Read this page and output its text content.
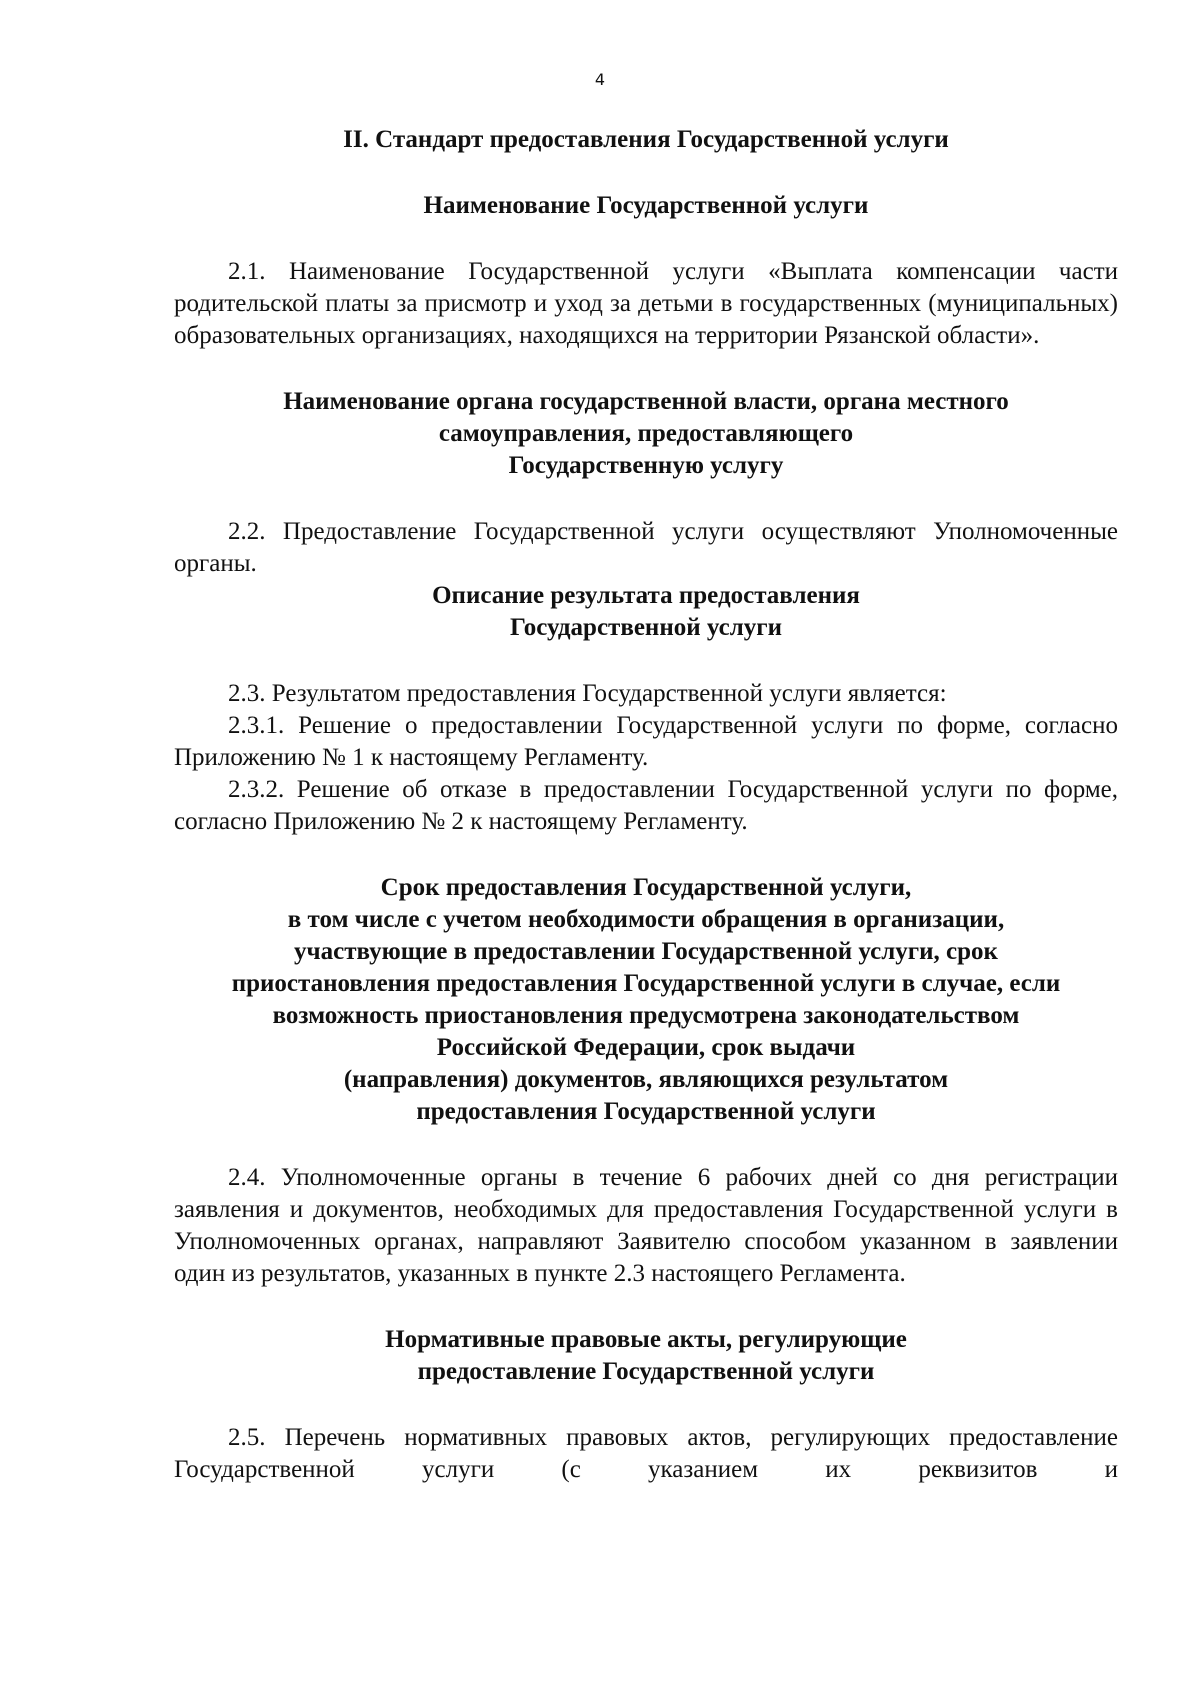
4
II. Стандарт предоставления Государственной услуги
Наименование Государственной услуги

2.1. Наименование Государственной услуги «Выплата компенсации части родительской платы за присмотр и уход за детьми в государственных (муниципальных) образовательных организациях, находящихся на территории Рязанской области».

Наименование органа государственной власти, органа местного
самоуправления, предоставляющего
Государственную услугу

2.2. Предоставление Государственной услуги осуществляют Уполномоченные органы.

Описание результата предоставления
Государственной услуги

2.3. Результатом предоставления Государственной услуги является:

2.3.1. Решение о предоставлении Государственной услуги по форме, согласно Приложению № 1 к настоящему Регламенту.

2.3.2. Решение об отказе в предоставлении Государственной услуги по форме, согласно Приложению № 2 к настоящему Регламенту.

Срок предоставления Государственной услуги,
в том числе с учетом необходимости обращения в организации,
участвующие в предоставлении Государственной услуги, срок
приостановления предоставления Государственной услуги в случае, если
возможность приостановления предусмотрена законодательством
Российской Федерации, срок выдачи
(направления) документов, являющихся результатом
предоставления Государственной услуги

2.4. Уполномоченные органы в течение 6 рабочих дней со дня регистрации заявления и документов, необходимых для предоставления Государственной услуги в Уполномоченных органах, направляют Заявителю способом указанном в заявлении один из результатов, указанных в пункте 2.3 настоящего Регламента.

Нормативные правовые акты, регулирующие
предоставление Государственной услуги

2.5. Перечень нормативных правовых актов, регулирующих предоставление Государственной услуги (с указанием их реквизитов и
